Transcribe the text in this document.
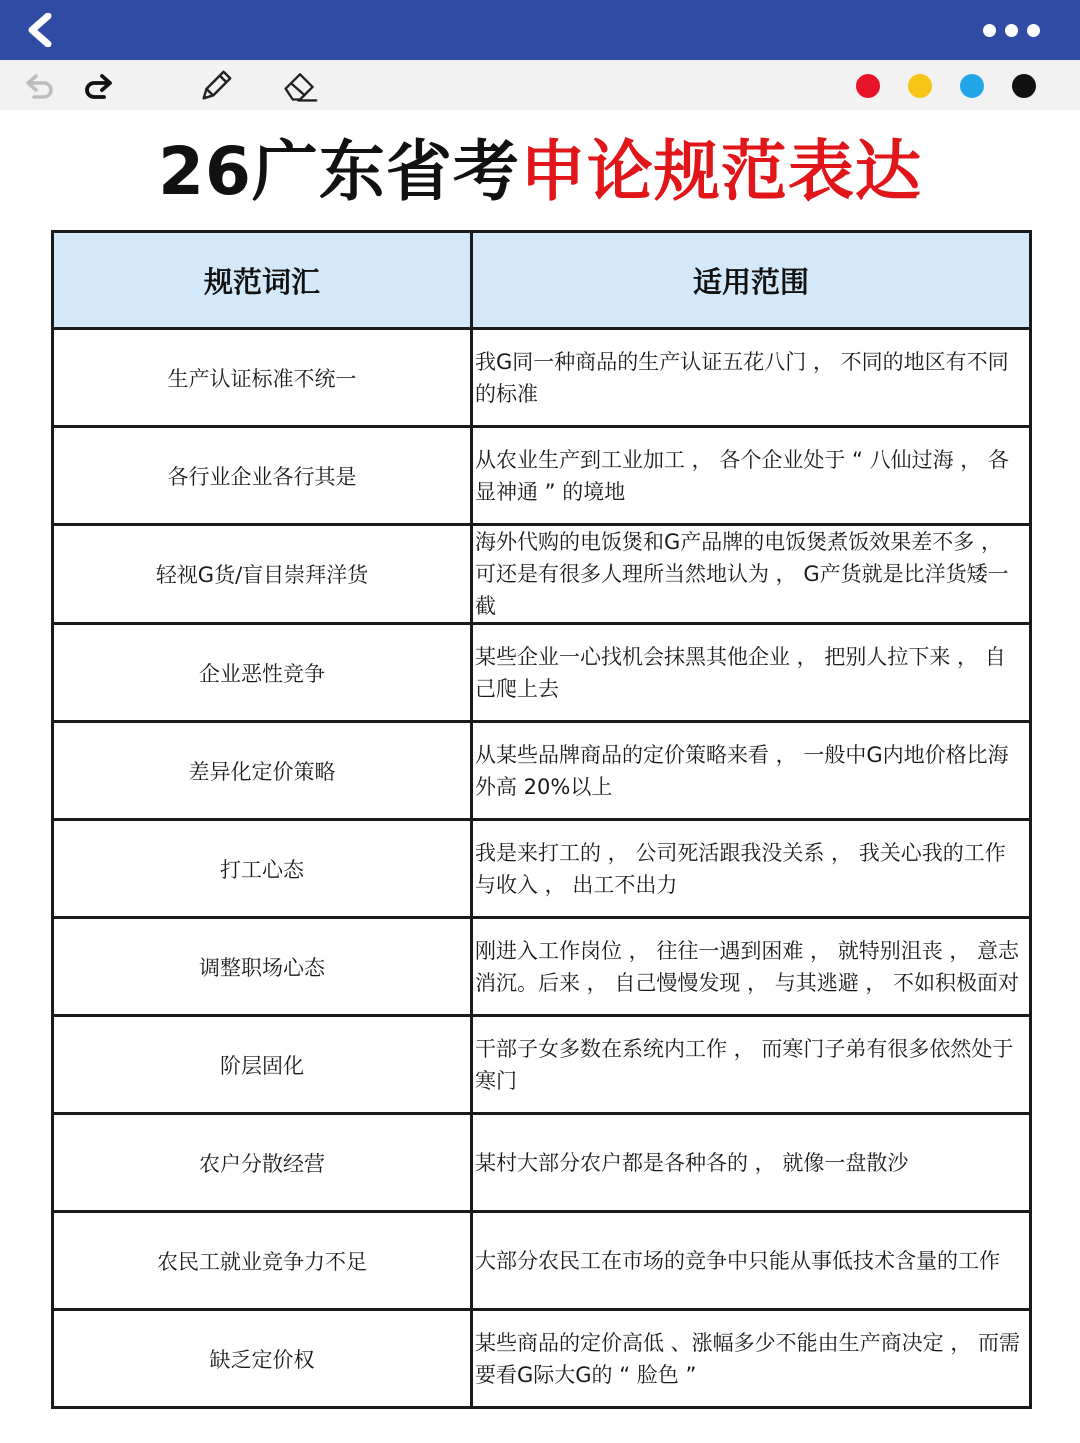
26广东省考申论规范表达
规范词汇	适用范围
生产认证标准不统一	我G同一种商品的生产认证五花八门 ， 不同的地区有不同的标准
各行业企业各行其是	从农业生产到工业加工 ， 各个企业处于 “ 八仙过海 ， 各显神通 ” 的境地
轻视G货/盲目崇拜洋货	海外代购的电饭煲和G产品牌的电饭煲煮饭效果差不多 ， 可还是有很多人理所当然地认为 ， G产货就是比洋货矮一截
企业恶性竞争	某些企业一心找机会抹黑其他企业 ， 把别人拉下来 ， 自己爬上去
差异化定价策略	从某些品牌商品的定价策略来看 ， 一般中G内地价格比海外高 20%以上
打工心态	我是来打工的 ， 公司死活跟我没关系 ， 我关心我的工作与收入 ， 出工不出力
调整职场心态	刚进入工作岗位 ， 往往一遇到困难 ， 就特别沮丧 ， 意志消沉。后来 ， 自己慢慢发现 ， 与其逃避 ， 不如积极面对
阶层固化	干部子女多数在系统内工作 ， 而寒门子弟有很多依然处于寒门
农户分散经营	某村大部分农户都是各种各的 ， 就像一盘散沙
农民工就业竞争力不足	大部分农民工在市场的竞争中只能从事低技术含量的工作
缺乏定价权	某些商品的定价高低 、涨幅多少不能由生产商决定 ， 而需要看G际大G的 “ 脸色 ”
